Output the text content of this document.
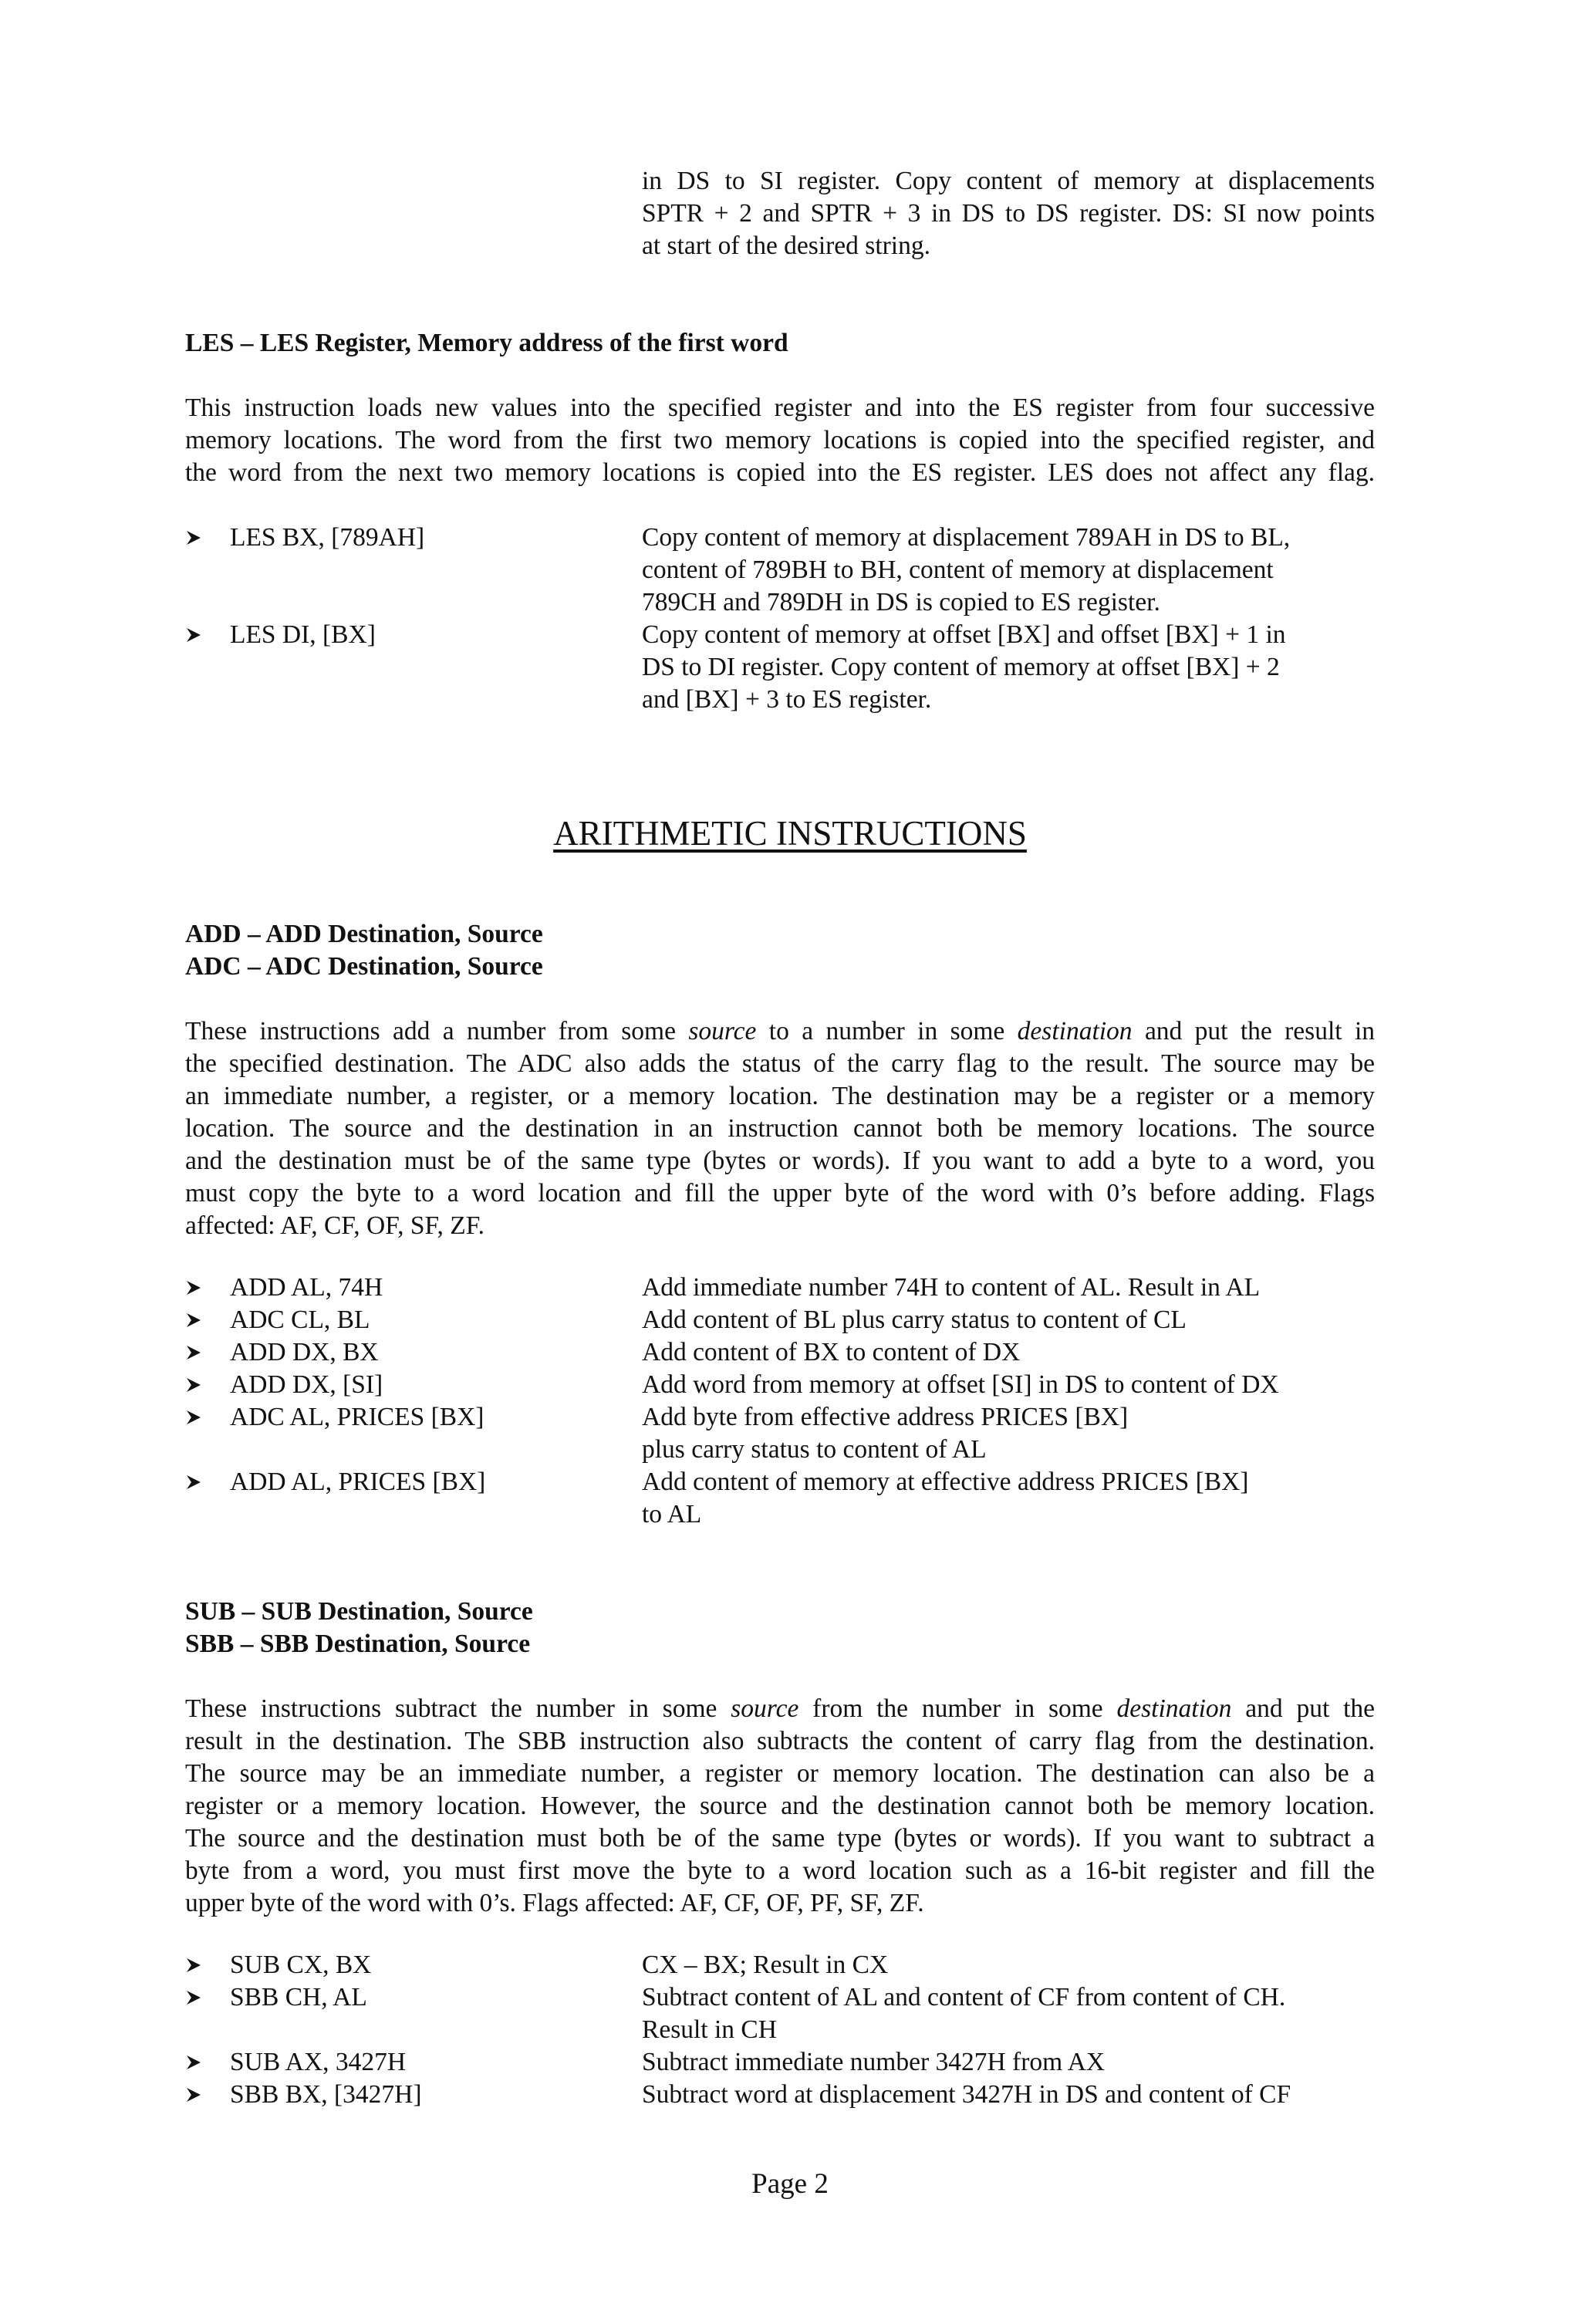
in DS to SI register. Copy content of memory at displacements
SPTR + 2 and SPTR + 3 in DS to DS register. DS: SI now points
at start of the desired string.
LES – LES Register, Memory address of the first word
This instruction loads new values into the specified register and into the ES register from four successive
memory locations. The word from the first two memory locations is copied into the specified register, and
the word from the next two memory locations is copied into the ES register. LES does not affect any flag.
LES BX, [789AH]	Copy content of memory at displacement 789AH in DS to BL,
content of 789BH to BH, content of memory at displacement
789CH and 789DH in DS is copied to ES register.
LES DI, [BX]	Copy content of memory at offset [BX] and offset [BX] + 1 in
DS to DI register. Copy content of memory at offset [BX] + 2
and [BX] + 3 to ES register.
ARITHMETIC INSTRUCTIONS
ADD – ADD Destination, Source
ADC – ADC Destination, Source
These instructions add a number from some source to a number in some destination and put the result in
the specified destination. The ADC also adds the status of the carry flag to the result. The source may be
an immediate number, a register, or a memory location. The destination may be a register or a memory
location. The source and the destination in an instruction cannot both be memory locations. The source
and the destination must be of the same type (bytes or words). If you want to add a byte to a word, you
must copy the byte to a word location and fill the upper byte of the word with 0’s before adding. Flags
affected: AF, CF, OF, SF, ZF.
ADD AL, 74H	Add immediate number 74H to content of AL. Result in AL
ADC CL, BL	Add content of BL plus carry status to content of CL
ADD DX, BX	Add content of BX to content of DX
ADD DX, [SI]	Add word from memory at offset [SI] in DS to content of DX
ADC AL, PRICES [BX]	Add byte from effective address PRICES [BX]
plus carry status to content of AL
ADD AL, PRICES [BX]	Add content of memory at effective address PRICES [BX]
to AL
SUB – SUB Destination, Source
SBB – SBB Destination, Source
These instructions subtract the number in some source from the number in some destination and put the
result in the destination. The SBB instruction also subtracts the content of carry flag from the destination.
The source may be an immediate number, a register or memory location. The destination can also be a
register or a memory location. However, the source and the destination cannot both be memory location.
The source and the destination must both be of the same type (bytes or words). If you want to subtract a
byte from a word, you must first move the byte to a word location such as a 16-bit register and fill the
upper byte of the word with 0’s. Flags affected: AF, CF, OF, PF, SF, ZF.
SUB CX, BX	CX – BX; Result in CX
SBB CH, AL	Subtract content of AL and content of CF from content of CH.
Result in CH
SUB AX, 3427H	Subtract immediate number 3427H from AX
SBB BX, [3427H]	Subtract word at displacement 3427H in DS and content of CF
Page 2
